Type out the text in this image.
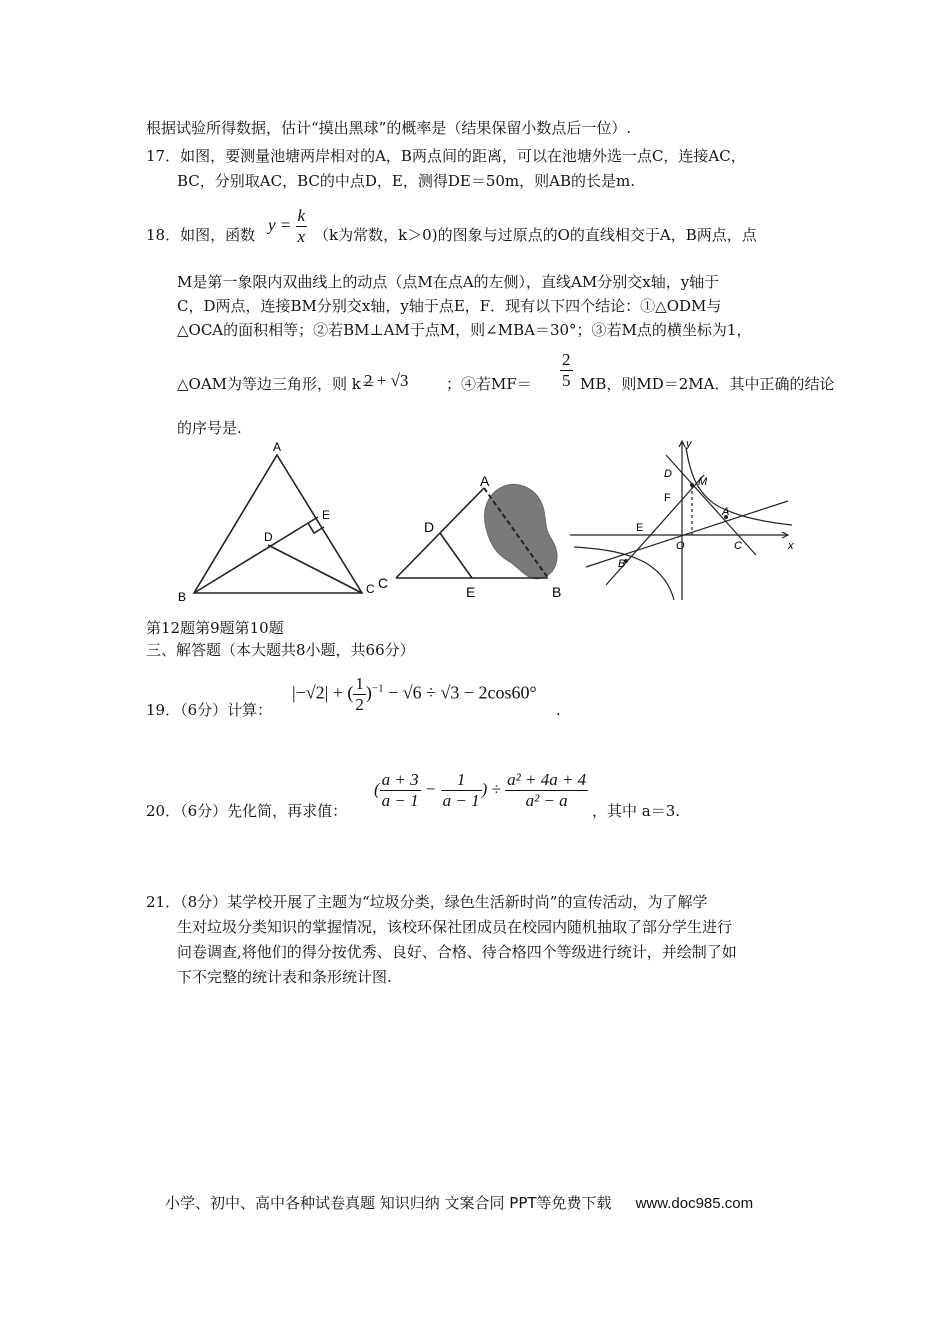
根据试验所得数据，估计“摸出黑球”的概率是（结果保留小数点后一位）.
17．如图，要测量池塘两岸相对的A，B两点间的距离，可以在池塘外选一点C，连接AC，
BC，分别取AC，BC的中点D，E，测得DE＝50m，则AB的长是m.
18．如图，函数
$y = \frac{k}{x} (k$为常数，k＞0)的图象与过原点的O的直线相交于A，B两点，点
M是第一象限内双曲线上的动点（点M在点A的左侧），直线AM分别交x轴，y轴于
C，D两点，连接BM分别交x轴，y轴于点E，F．现有以下四个结论：①△ODM与
△OCA的面积相等；②若BM⊥AM于点M，则∠MBA＝30°；③若M点的横坐标为1，
△OAM为等边三角形，则 k＝
2 + √3	；④若$MF= \frac{2}{5}$ MB，则MD＝2MA．其中正确的结论
的序号是.
A
B
C
D
E
A
B
C
D
E
D
M
F
A
E
O	C
B
x
y
第12题第9题第10题
三、解答题（本大题共8小题，共66分）
19．（6分）计算：
|−√2| + ( $\frac{1}{2} )^{-1} - √6 \div √3 - 2\cos 60^\circ$
.
20．（6分）先化简，再求值：
( $\frac{a + 3}{a - 1} - \frac{1}{a - 1}$ ) ÷ $\frac{\text{a² + 4a + 4}}{\text{a² − a}}$ ，其中 a＝3.
21．（8分）某学校开展了主题为“垃圾分类，绿色生活新时尚”的宣传活动，为了解学
生对垃圾分类知识的掌握情况，该校环保社团成员在校园内随机抽取了部分学生进行
问卷调查,将他们的得分按优秀、良好、合格、待合格四个等级进行统计，并绘制了如
下不完整的统计表和条形统计图.
小学、初中、高中各种试卷真题 知识归纳 文案合同 PPT等免费下载 www.doc985.com
